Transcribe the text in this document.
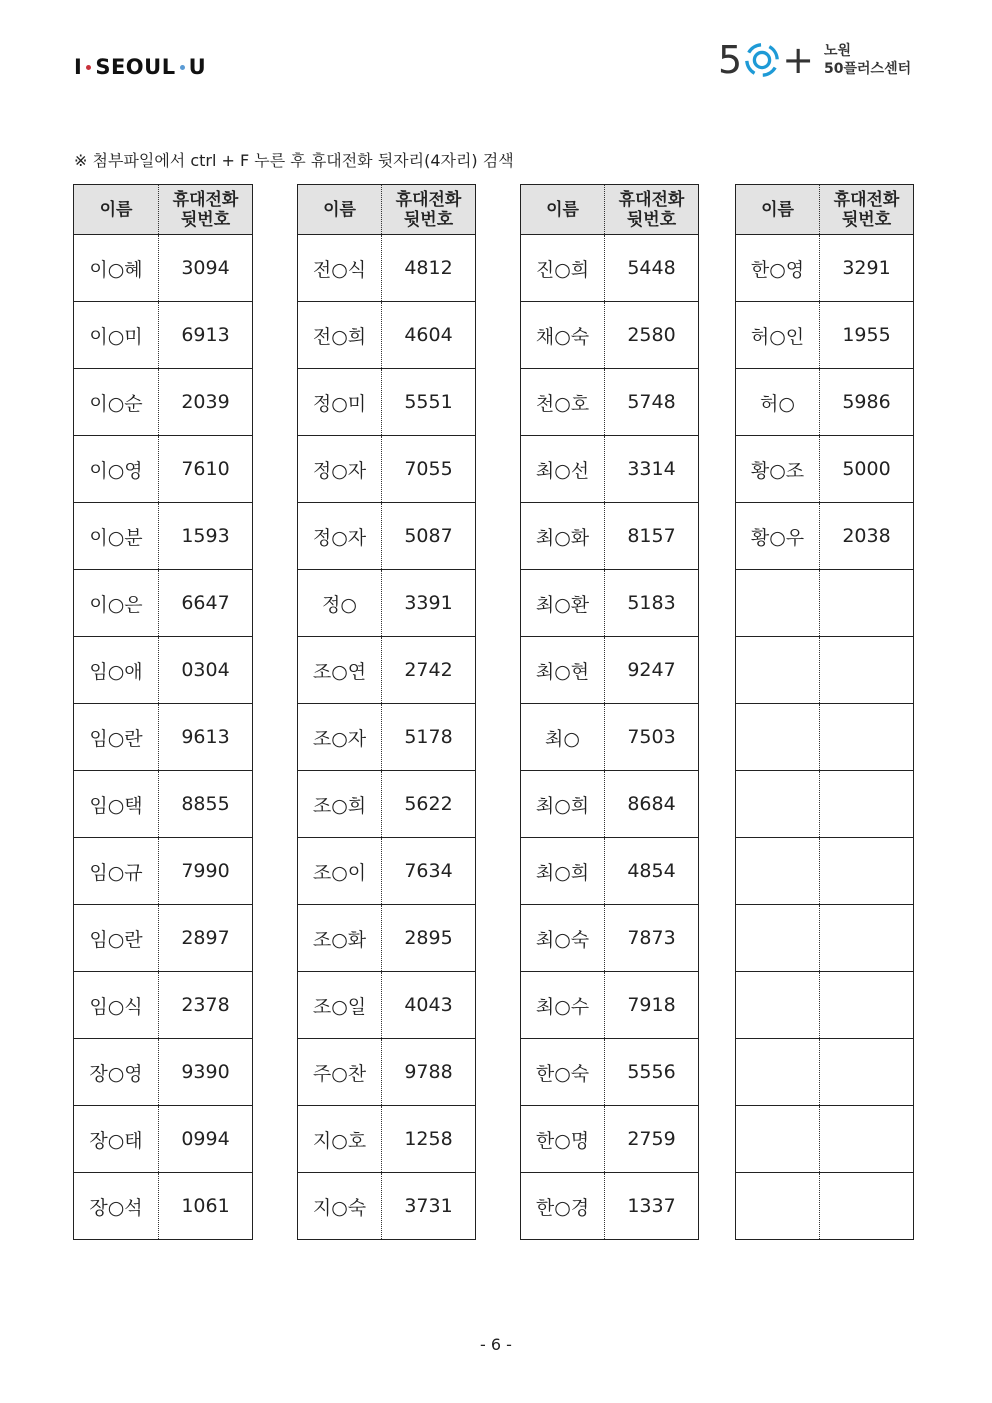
I SEOUL U	5 + 노원
50플러스센터
※ 첨부파일에서 ctrl + F 누른 후 휴대전화 뒷자리(4자리) 검색
이름	휴대전화
뒷번호

이○혜	3094
이○미	6913
이○순	2039
이○영	7610
이○분	1593
이○은	6647
임○애	0304
임○란	9613
임○택	8855
임○규	7990
임○란	2897
임○식	2378
장○영	9390
장○태	0994
장○석	1061
이름	휴대전화
뒷번호

전○식	4812
전○희	4604
정○미	5551
정○자	7055
정○자	5087
정○	3391
조○연	2742
조○자	5178
조○희	5622
조○이	7634
조○화	2895
조○일	4043
주○찬	9788
지○호	1258
지○숙	3731
이름	휴대전화
뒷번호

진○희	5448
채○숙	2580
천○호	5748
최○선	3314
최○화	8157
최○환	5183
최○현	9247
최○	7503
최○희	8684
최○희	4854
최○숙	7873
최○수	7918
한○숙	5556
한○명	2759
한○경	1337
이름	휴대전화
뒷번호

한○영	3291
허○인	1955
허○	5986
황○조	5000
황○우	2038

- 6 -
